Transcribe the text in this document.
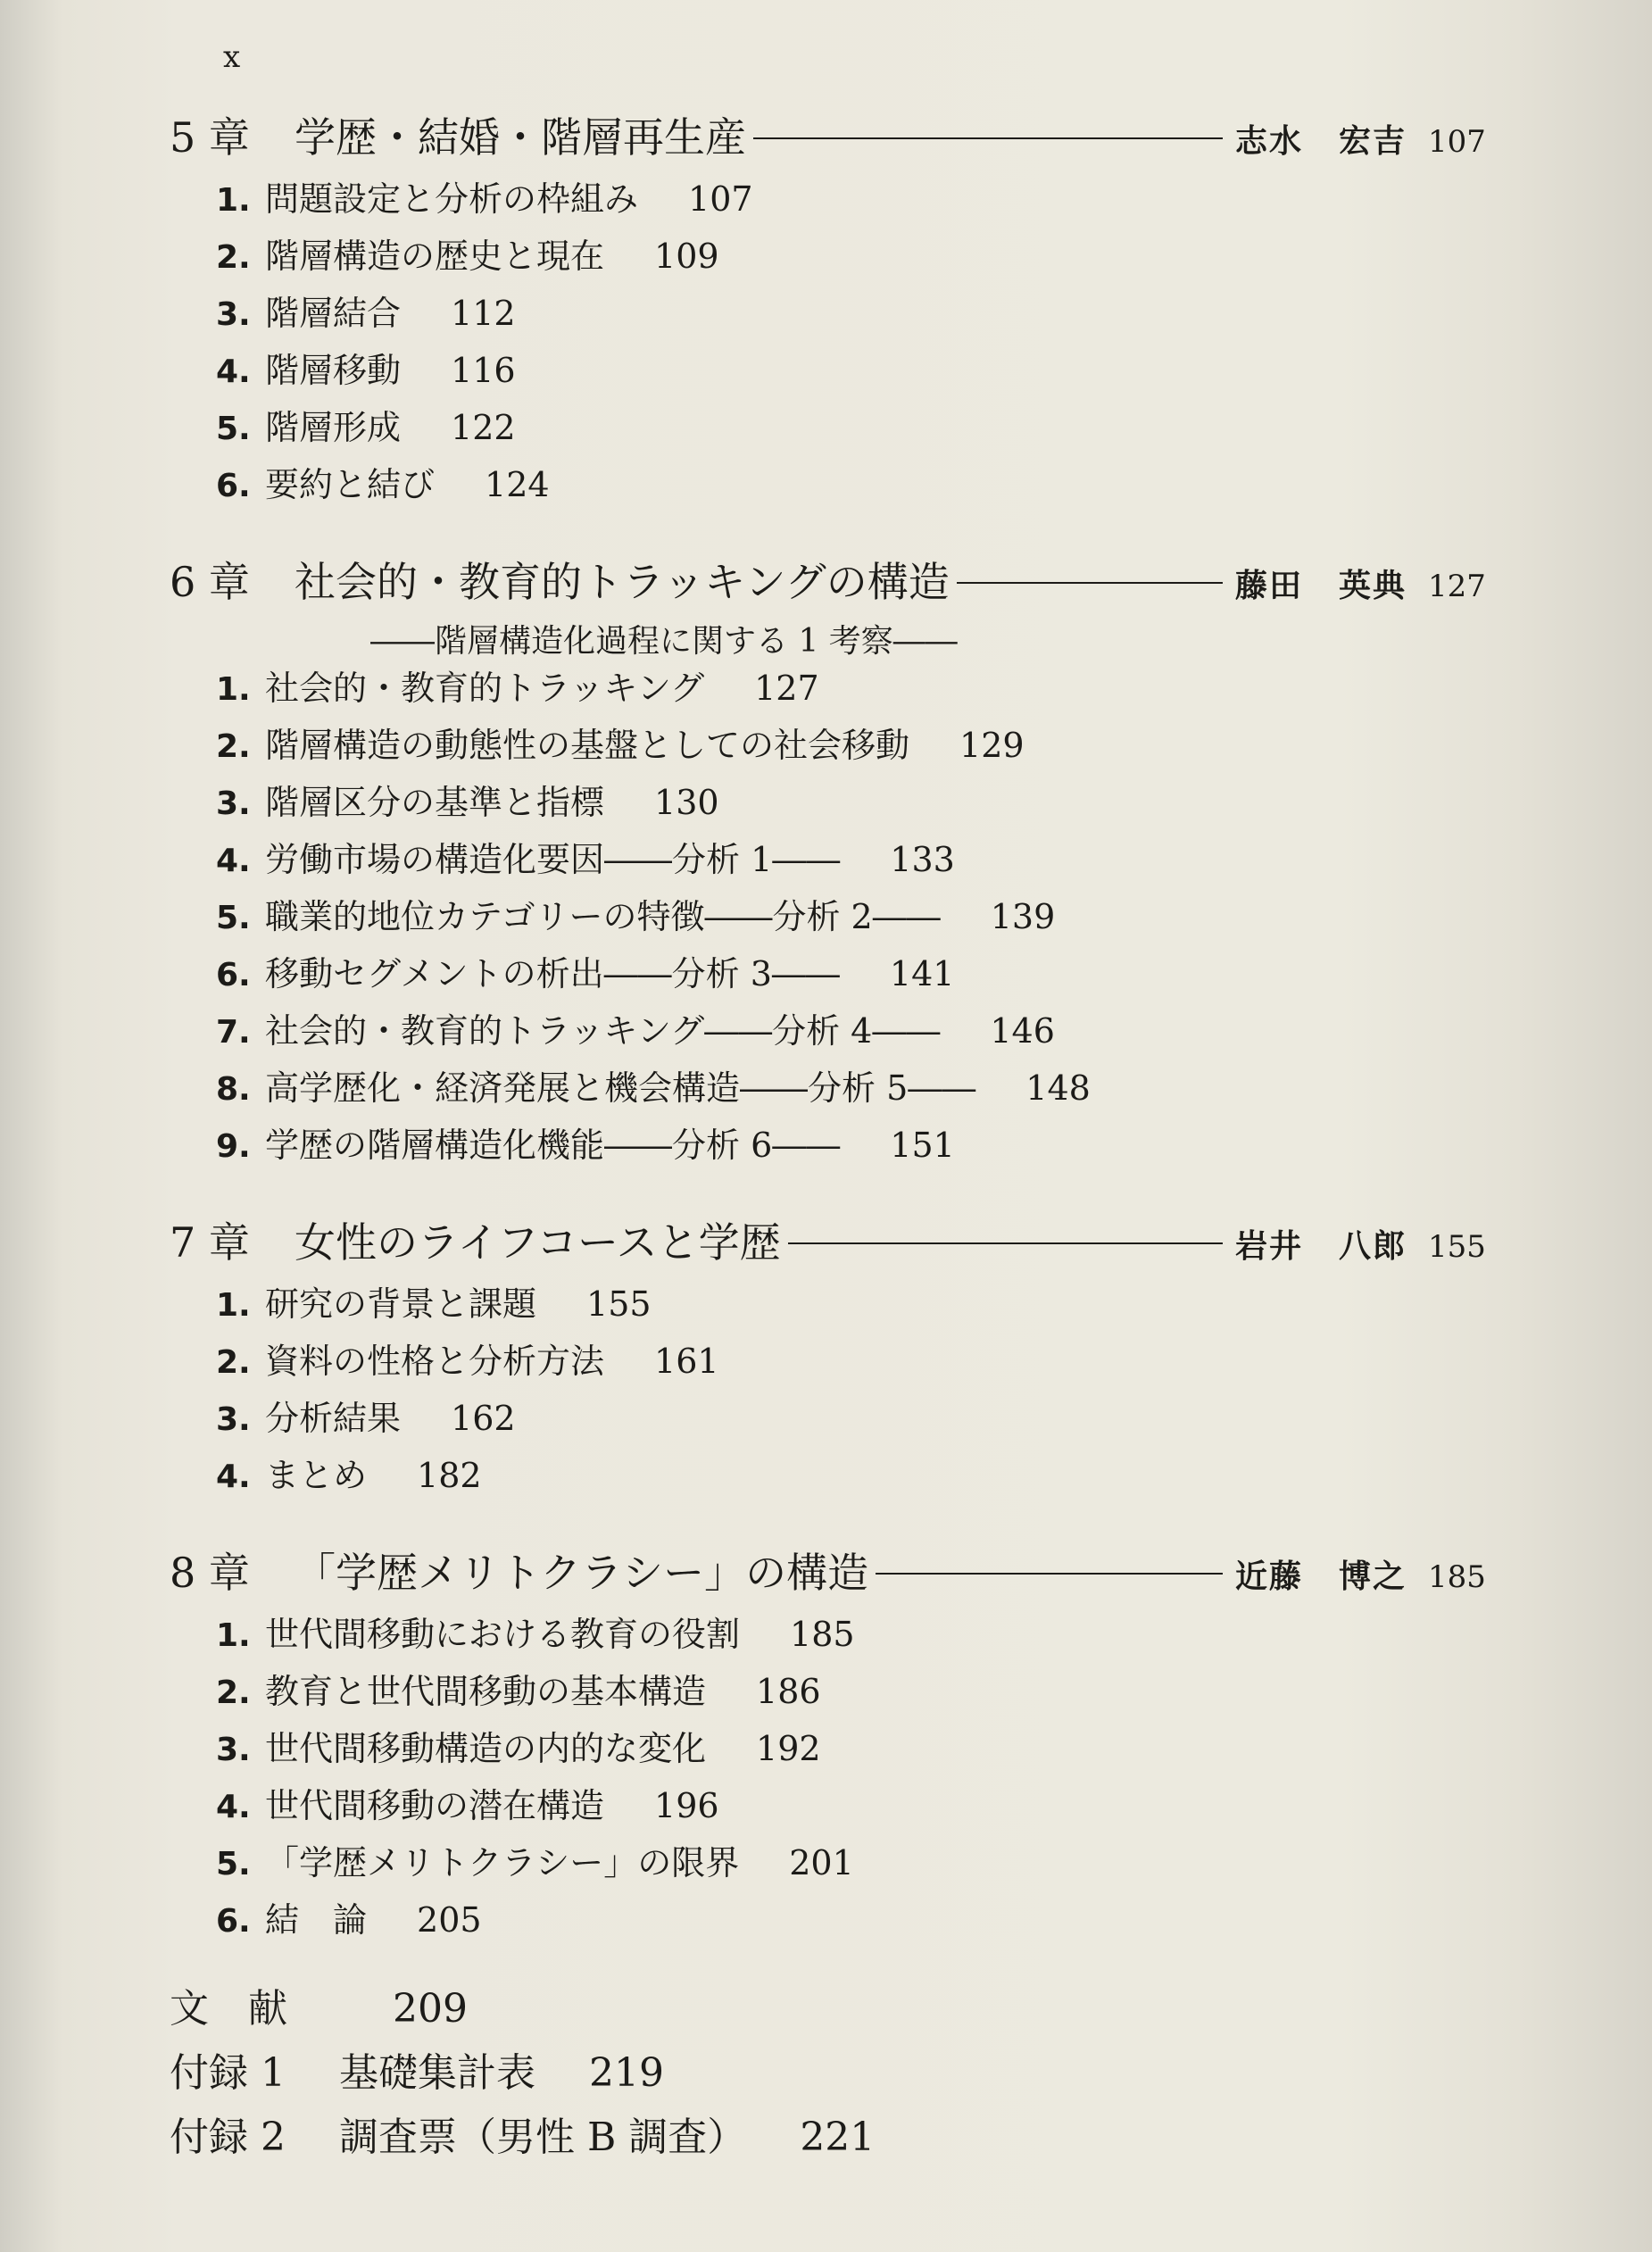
x
5 章	学歴・結婚・階層再生産	志水 宏吉 107
1. 問題設定と分析の枠組み 107
2. 階層構造の歴史と現在 109
3. 階層結合 112
4. 階層移動 116
5. 階層形成 122
6. 要約と結び 124
6 章	社会的・教育的トラッキングの構造	藤田 英典 127
――階層構造化過程に関する 1 考察――
1. 社会的・教育的トラッキング 127
2. 階層構造の動態性の基盤としての社会移動 129
3. 階層区分の基準と指標 130
4. 労働市場の構造化要因――分析 1―― 133
5. 職業的地位カテゴリーの特徴――分析 2―― 139
6. 移動セグメントの析出――分析 3―― 141
7. 社会的・教育的トラッキング――分析 4―― 146
8. 高学歴化・経済発展と機会構造――分析 5―― 148
9. 学歴の階層構造化機能――分析 6―― 151
7 章	女性のライフコースと学歴	岩井 八郎 155
1. 研究の背景と課題 155
2. 資料の性格と分析方法 161
3. 分析結果 162
4. まとめ 182
8 章	「学歴メリトクラシー」の構造	近藤 博之 185
1. 世代間移動における教育の役割 185
2. 教育と世代間移動の基本構造 186
3. 世代間移動構造の内的な変化 192
4. 世代間移動の潜在構造 196
5. 「学歴メリトクラシー」の限界 201
6. 結　論 205
文　献	209
付録 1	基礎集計表 219
付録 2	調査票（男性 B 調査） 221
